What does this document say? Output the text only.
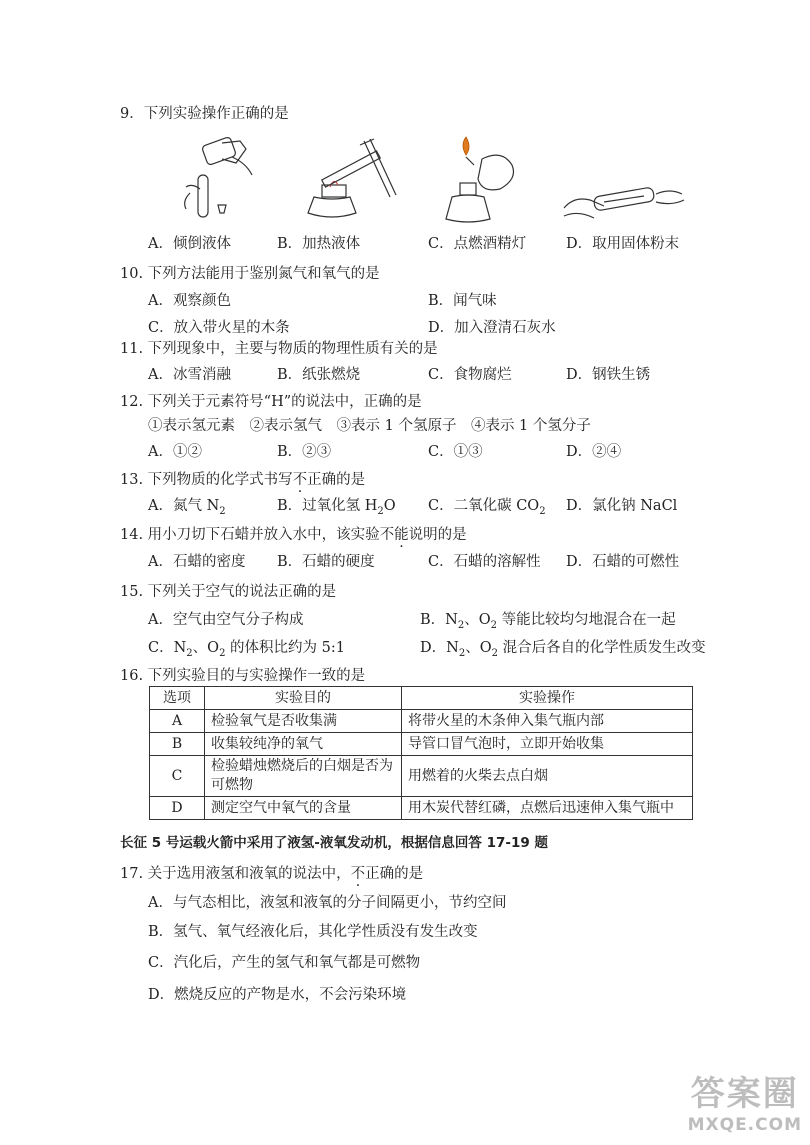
9．下列实验操作正确的是
A．倾倒液体	B．加热液体	C．点燃酒精灯	D．取用固体粉末
10. 下列方法能用于鉴别氮气和氧气的是
A．观察颜色	B．闻气味
C．放入带火星的木条	D．加入澄清石灰水
11. 下列现象中，主要与物质的物理性质有关的是
A．冰雪消融	B．纸张燃烧	C．食物腐烂	D．钢铁生锈
12. 下列关于元素符号“H”的说法中，正确的是
①表示氢元素　②表示氢气　③表示 1 个氢原子　④表示 1 个氢分子
A．①②	B．②③	C．①③	D．②④
13. 下列物质的化学式书写不正确的是
A．氮气 $N_2$	B．过氧化氢 $H_2O$ C．二氧化碳 $CO_2$ D．氯化钠 NaCl
14. 用小刀切下石蜡并放入水中，该实验不能说明的是
A．石蜡的密度 B．石蜡的硬度	C．石蜡的溶解性 D．石蜡的可燃性
15. 下列关于空气的说法正确的是
A．空气由空气分子构成	B．$N_2$、$O_2$ 等能比较均匀地混合在一起
C．$N_2$、$O_2$ 的体积比约为 5:1	D．$N_2$、$O_2$ 混合后各自的化学性质发生改变
16. 下列实验目的与实验操作一致的是
选项	实验目的	实验操作
A	检验氧气是否收集满	将带火星的木条伸入集气瓶内部
B	收集较纯净的氧气	导管口冒气泡时，立即开始收集
C	检验蜡烛燃烧后的白烟是否为可燃物	用燃着的火柴去点白烟
D	测定空气中氧气的含量	用木炭代替红磷，点燃后迅速伸入集气瓶中
长征 5 号运载火箭中采用了液氢-液氧发动机，根据信息回答 17-19 题
17. 关于选用液氢和液氧的说法中，不正确的是
A．与气态相比，液氢和液氧的分子间隔更小，节约空间
B．氢气、氧气经液化后，其化学性质没有发生改变
C．汽化后，产生的氢气和氧气都是可燃物
D．燃烧反应的产物是水，不会污染环境
答案圈
MXQE.COM
